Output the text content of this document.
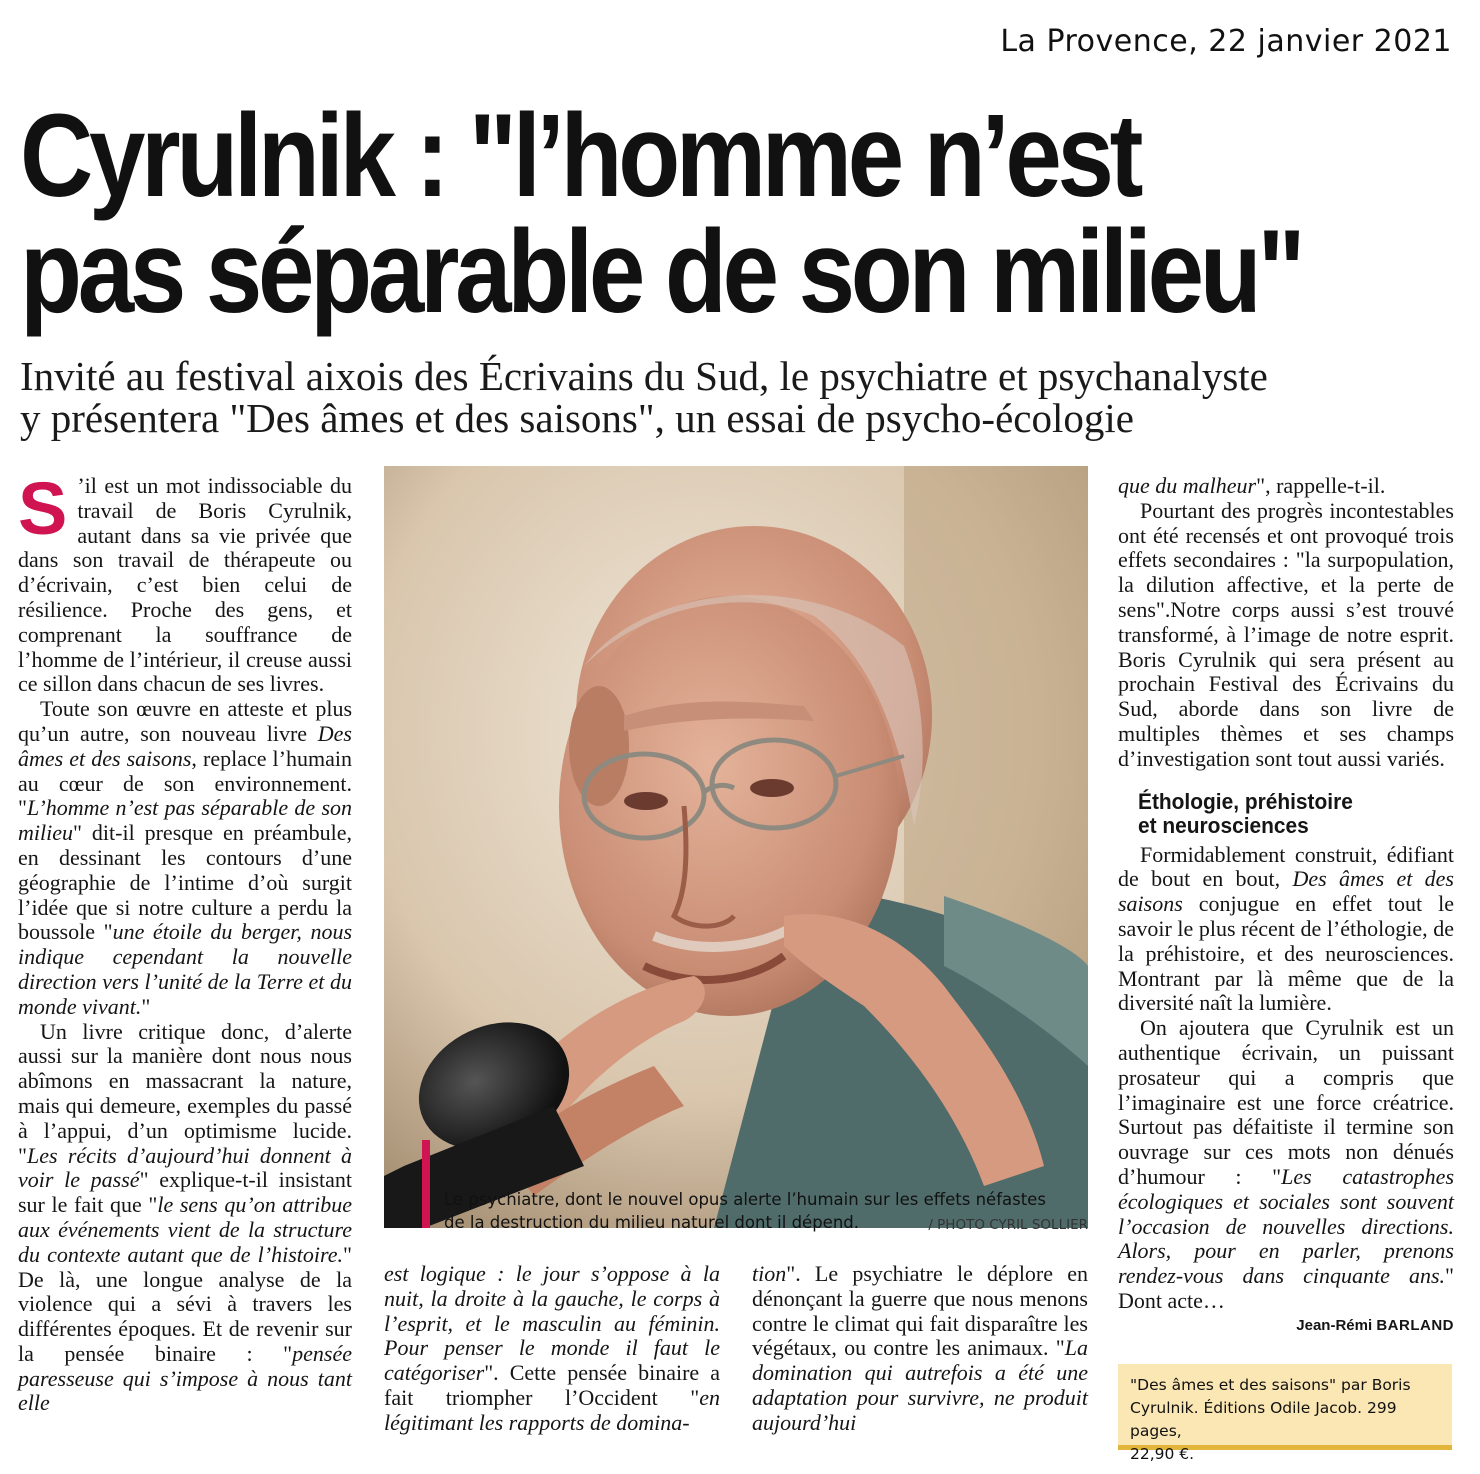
La Provence, 22 janvier 2021
Cyrulnik : "l’homme n’est
pas séparable de son milieu"
Invité au festival aixois des Écrivains du Sud, le psychiatre et psychanalyste
y présentera "Des âmes et des saisons", un essai de psycho-écologie

S ’il est un mot indissociable du travail de Boris Cyrulnik, autant dans sa vie privée que dans son travail de thérapeute ou d’écrivain, c’est bien celui de résilience. Proche des gens, et comprenant la souffrance de l’homme de l’intérieur, il creuse aussi ce sillon dans chacun de ses livres.

Toute son œuvre en atteste et plus qu’un autre, son nouveau livre Des âmes et des saisons, replace l’humain au cœur de son environnement. "L’homme n’est pas séparable de son milieu" dit-il presque en préambule, en dessinant les contours d’une géographie de l’intime d’où surgit l’idée que si notre culture a perdu la boussole "une étoile du berger, nous indique cependant la nouvelle direction vers l’unité de la Terre et du monde vivant."

Un livre critique donc, d’alerte aussi sur la manière dont nous nous abîmons en massacrant la nature, mais qui demeure, exemples du passé à l’appui, d’un optimisme lucide. "Les récits d’aujourd’hui donnent à voir le passé" explique-t-il insistant sur le fait que "le sens qu’on attribue aux événements vient de la structure du contexte autant que de l’histoire." De là, une longue analyse de la violence qui a sévi à travers les différentes époques. Et de revenir sur la pensée binaire : "pensée paresseuse qui s’impose à nous tant elle

Le psychiatre, dont le nouvel opus alerte l’humain sur les effets néfastes
de la destruction du milieu naturel dont il dépend.	/ PHOTO CYRIL SOLLIER

est logique : le jour s’oppose à la nuit, la droite à la gauche, le corps à l’esprit, et le masculin au féminin. Pour penser le monde il faut le catégoriser". Cette pensée binaire a fait triompher l’Occident "en légitimant les rapports de domina-

tion". Le psychiatre le déplore en dénonçant la guerre que nous menons contre le climat qui fait disparaître les végétaux, ou contre les animaux. "La domination qui autrefois a été une adaptation pour survivre, ne produit aujourd’hui

que du malheur", rappelle-t-il.

Pourtant des progrès incontestables ont été recensés et ont provoqué trois effets secondaires : "la surpopulation, la dilution affective, et la perte de sens".Notre corps aussi s’est trouvé transformé, à l’image de notre esprit. Boris Cyrulnik qui sera présent au prochain Festival des Écrivains du Sud, aborde dans son livre de multiples thèmes et ses champs d’investigation sont tout aussi variés.

Éthologie, préhistoire
et neurosciences

Formidablement construit, édifiant de bout en bout, Des âmes et des saisons conjugue en effet tout le savoir le plus récent de l’éthologie, de la préhistoire, et des neurosciences. Montrant par là même que de la diversité naît la lumière.

On ajoutera que Cyrulnik est un authentique écrivain, un puissant prosateur qui a compris que l’imaginaire est une force créatrice. Surtout pas défaitiste il termine son ouvrage sur ces mots non dénués d’humour : "Les catastrophes écologiques et sociales sont souvent l’occasion de nouvelles directions. Alors, pour en parler, prenons rendez-vous dans cinquante ans." Dont acte…

Jean-Rémi BARLAND

"Des âmes et des saisons" par Boris
Cyrulnik. Éditions Odile Jacob. 299 pages,
22,90 €.
